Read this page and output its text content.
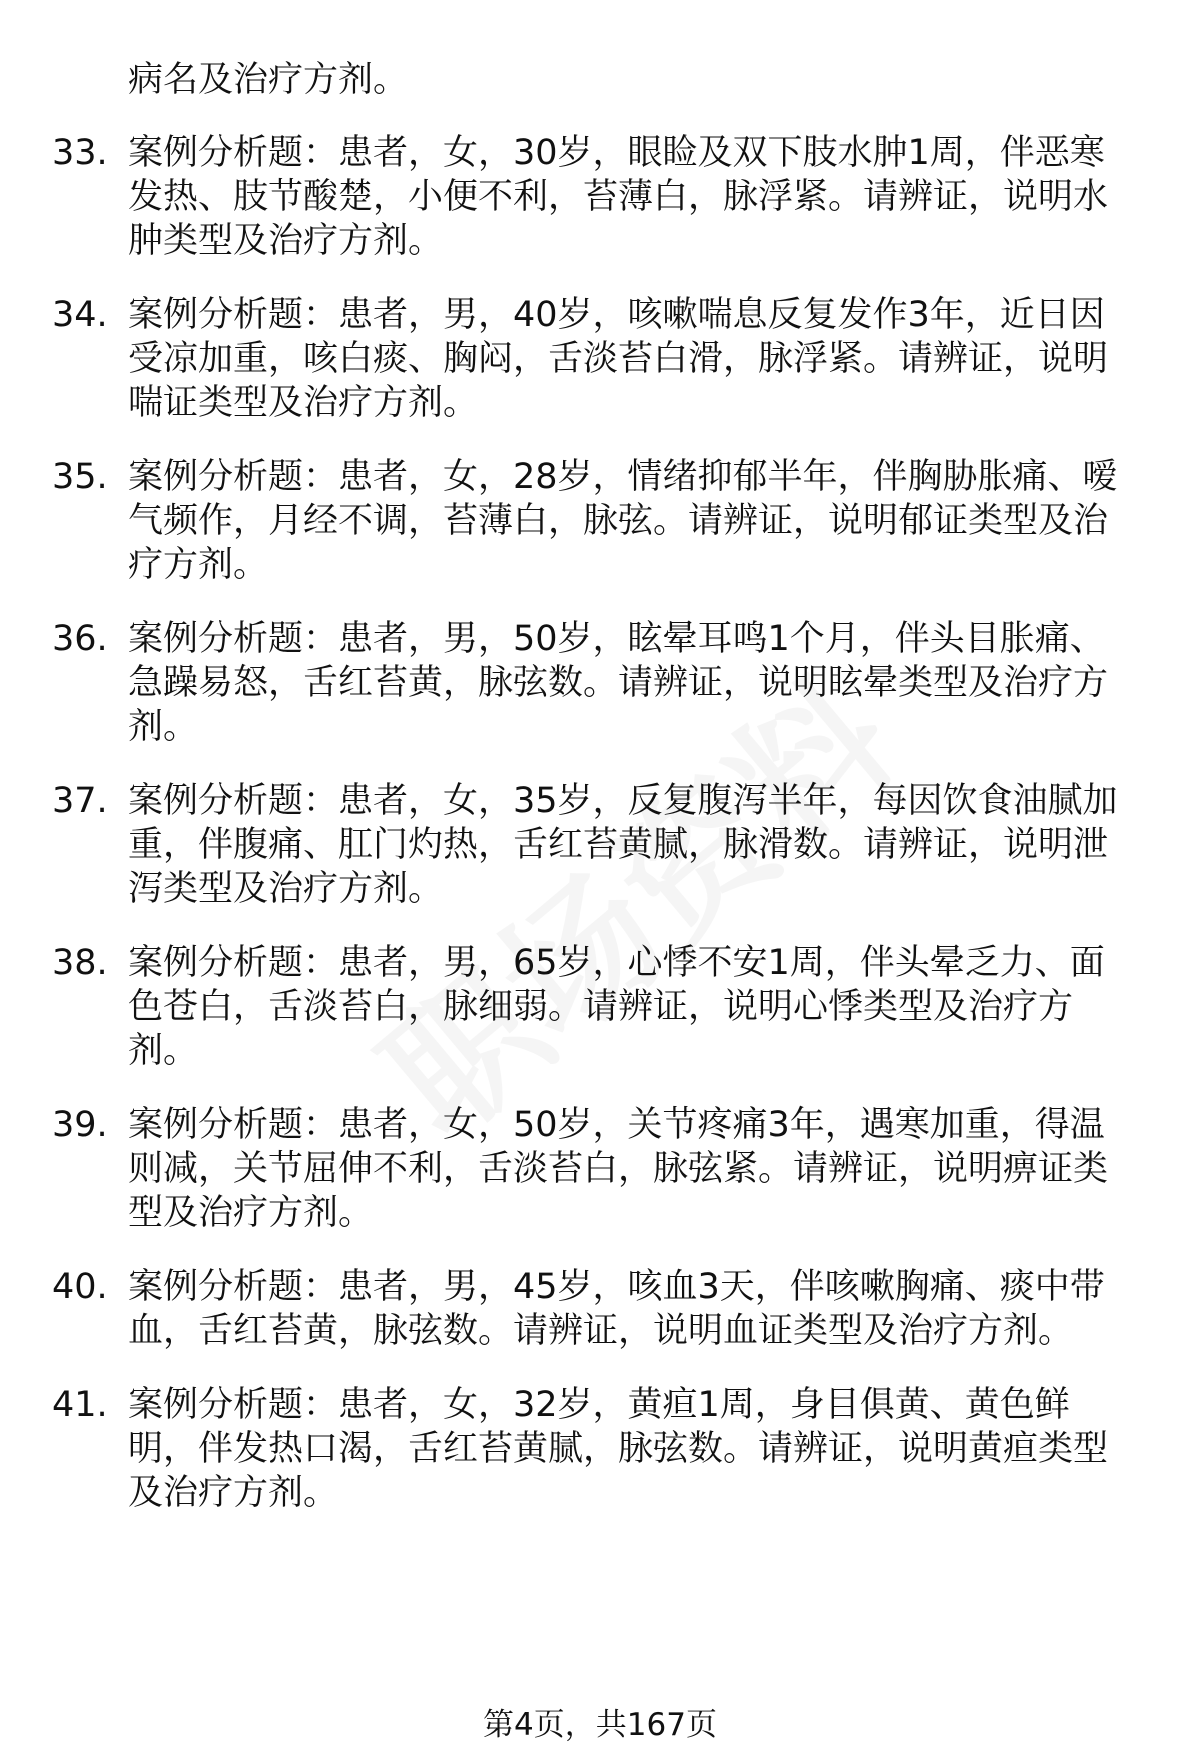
病名及治疗方剂。
33. 案例分析题：患者，女，30岁，眼睑及双下肢水肿1周，伴恶寒
发热、肢节酸楚，小便不利，苔薄白，脉浮紧。请辨证，说明水
肿类型及治疗方剂。
34. 案例分析题：患者，男，40岁，咳嗽喘息反复发作3年，近日因
受凉加重，咳白痰、胸闷，舌淡苔白滑，脉浮紧。请辨证，说明
喘证类型及治疗方剂。
35. 案例分析题：患者，女，28岁，情绪抑郁半年，伴胸胁胀痛、嗳
气频作，月经不调，苔薄白，脉弦。请辨证，说明郁证类型及治
疗方剂。
36. 案例分析题：患者，男，50岁，眩晕耳鸣1个月，伴头目胀痛、
急躁易怒，舌红苔黄，脉弦数。请辨证，说明眩晕类型及治疗方
剂。
37. 案例分析题：患者，女，35岁，反复腹泻半年，每因饮食油腻加
重，伴腹痛、肛门灼热，舌红苔黄腻，脉滑数。请辨证，说明泄
泻类型及治疗方剂。
38. 案例分析题：患者，男，65岁，心悸不安1周，伴头晕乏力、面
色苍白，舌淡苔白，脉细弱。请辨证，说明心悸类型及治疗方
剂。
39. 案例分析题：患者，女，50岁，关节疼痛3年，遇寒加重，得温
则减，关节屈伸不利，舌淡苔白，脉弦紧。请辨证，说明痹证类
型及治疗方剂。
40. 案例分析题：患者，男，45岁，咳血3天，伴咳嗽胸痛、痰中带
血，舌红苔黄，脉弦数。请辨证，说明血证类型及治疗方剂。
41. 案例分析题：患者，女，32岁，黄疸1周，身目俱黄、黄色鲜
明，伴发热口渴，舌红苔黄腻，脉弦数。请辨证，说明黄疸类型
及治疗方剂。
第4页，共167页
